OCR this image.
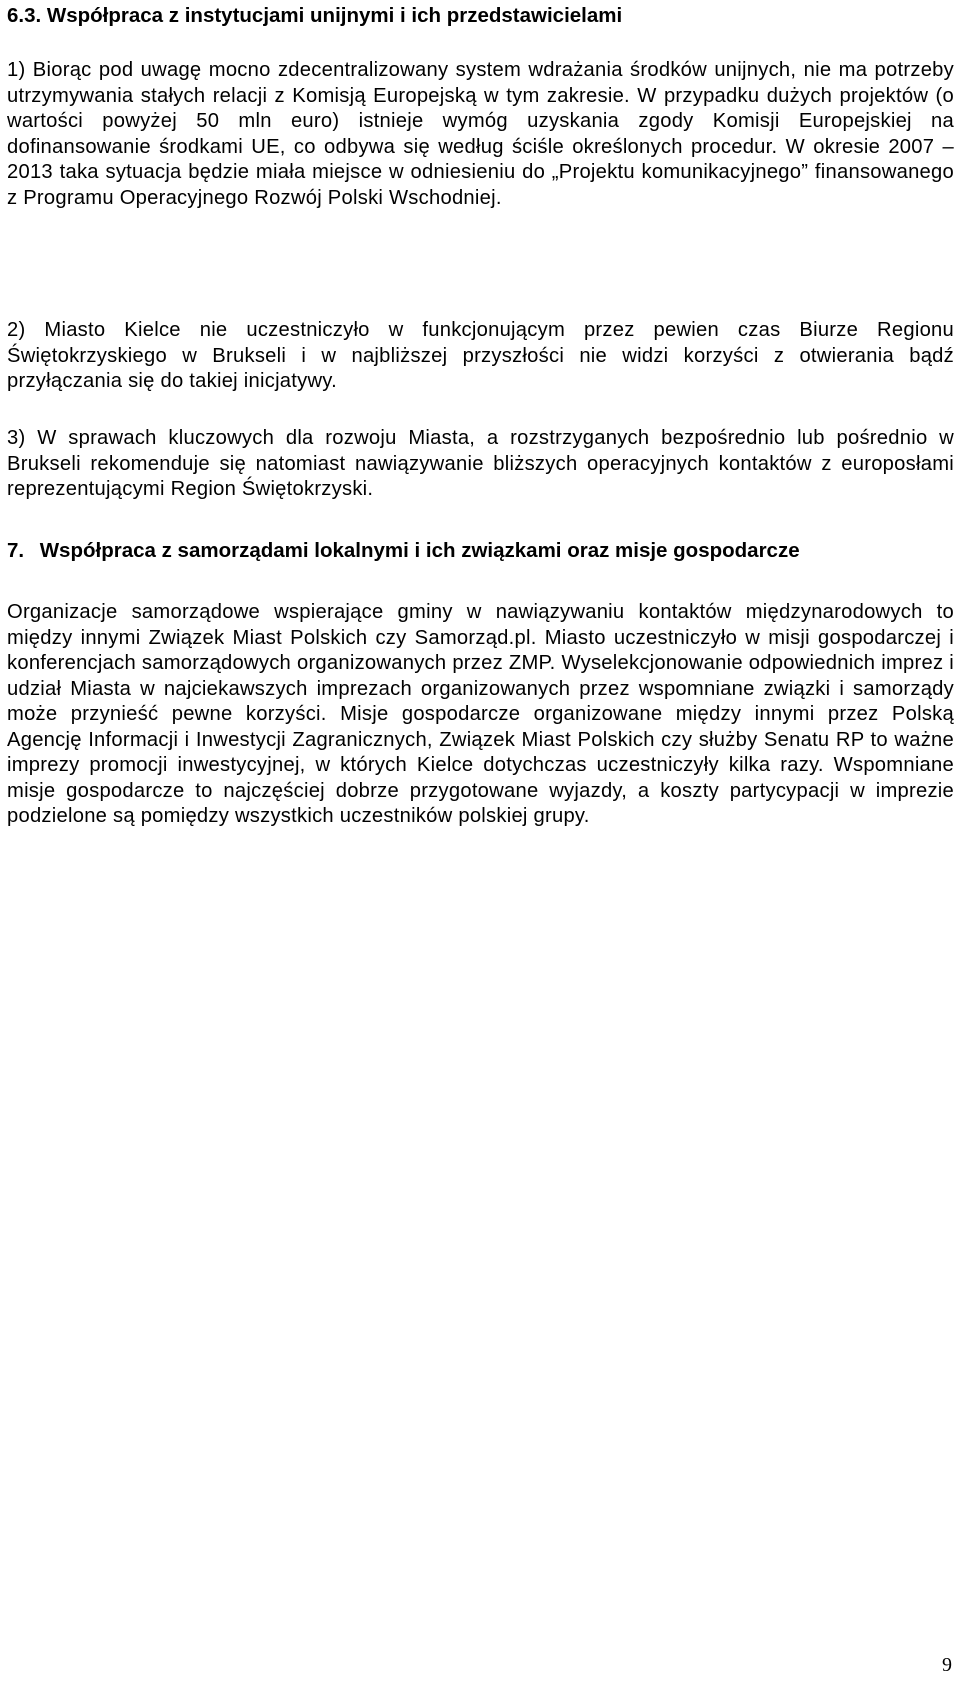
6.3. Współpraca z instytucjami unijnymi i ich przedstawicielami

1) Biorąc pod uwagę mocno zdecentralizowany system wdrażania środków unijnych, nie ma potrzeby utrzymywania stałych relacji z Komisją Europejską w tym zakresie. W przypadku dużych projektów (o wartości powyżej 50 mln euro) istnieje wymóg uzyskania zgody Komisji Europejskiej na dofinansowanie środkami UE, co odbywa się według ściśle określonych procedur. W okresie 2007 – 2013 taka sytuacja będzie miała miejsce w odniesieniu do „Projektu komunikacyjnego” finansowanego z Programu Operacyjnego Rozwój Polski Wschodniej.

2) Miasto Kielce nie uczestniczyło w funkcjonującym przez pewien czas Biurze Regionu Świętokrzyskiego w Brukseli i w najbliższej przyszłości nie widzi korzyści z otwierania bądź przyłączania się do takiej inicjatywy.

3) W sprawach kluczowych dla rozwoju Miasta, a rozstrzyganych bezpośrednio lub pośrednio w Brukseli rekomenduje się natomiast nawiązywanie bliższych operacyjnych kontaktów z europosłami reprezentującymi Region Świętokrzyski.

7. Współpraca z samorządami lokalnymi i ich związkami oraz misje gospodarcze

Organizacje samorządowe wspierające gminy w nawiązywaniu kontaktów międzynarodowych to między innymi Związek Miast Polskich czy Samorząd.pl. Miasto uczestniczyło w misji gospodarczej i konferencjach samorządowych organizowanych przez ZMP. Wyselekcjonowanie odpowiednich imprez i udział Miasta w najciekawszych imprezach organizowanych przez wspomniane związki i samorządy może przynieść pewne korzyści. Misje gospodarcze organizowane między innymi przez Polską Agencję Informacji i Inwestycji Zagranicznych, Związek Miast Polskich czy służby Senatu RP to ważne imprezy promocji inwestycyjnej, w których Kielce dotychczas uczestniczyły kilka razy. Wspomniane misje gospodarcze to najczęściej dobrze przygotowane wyjazdy, a koszty partycypacji w imprezie podzielone są pomiędzy wszystkich uczestników polskiej grupy.

9
